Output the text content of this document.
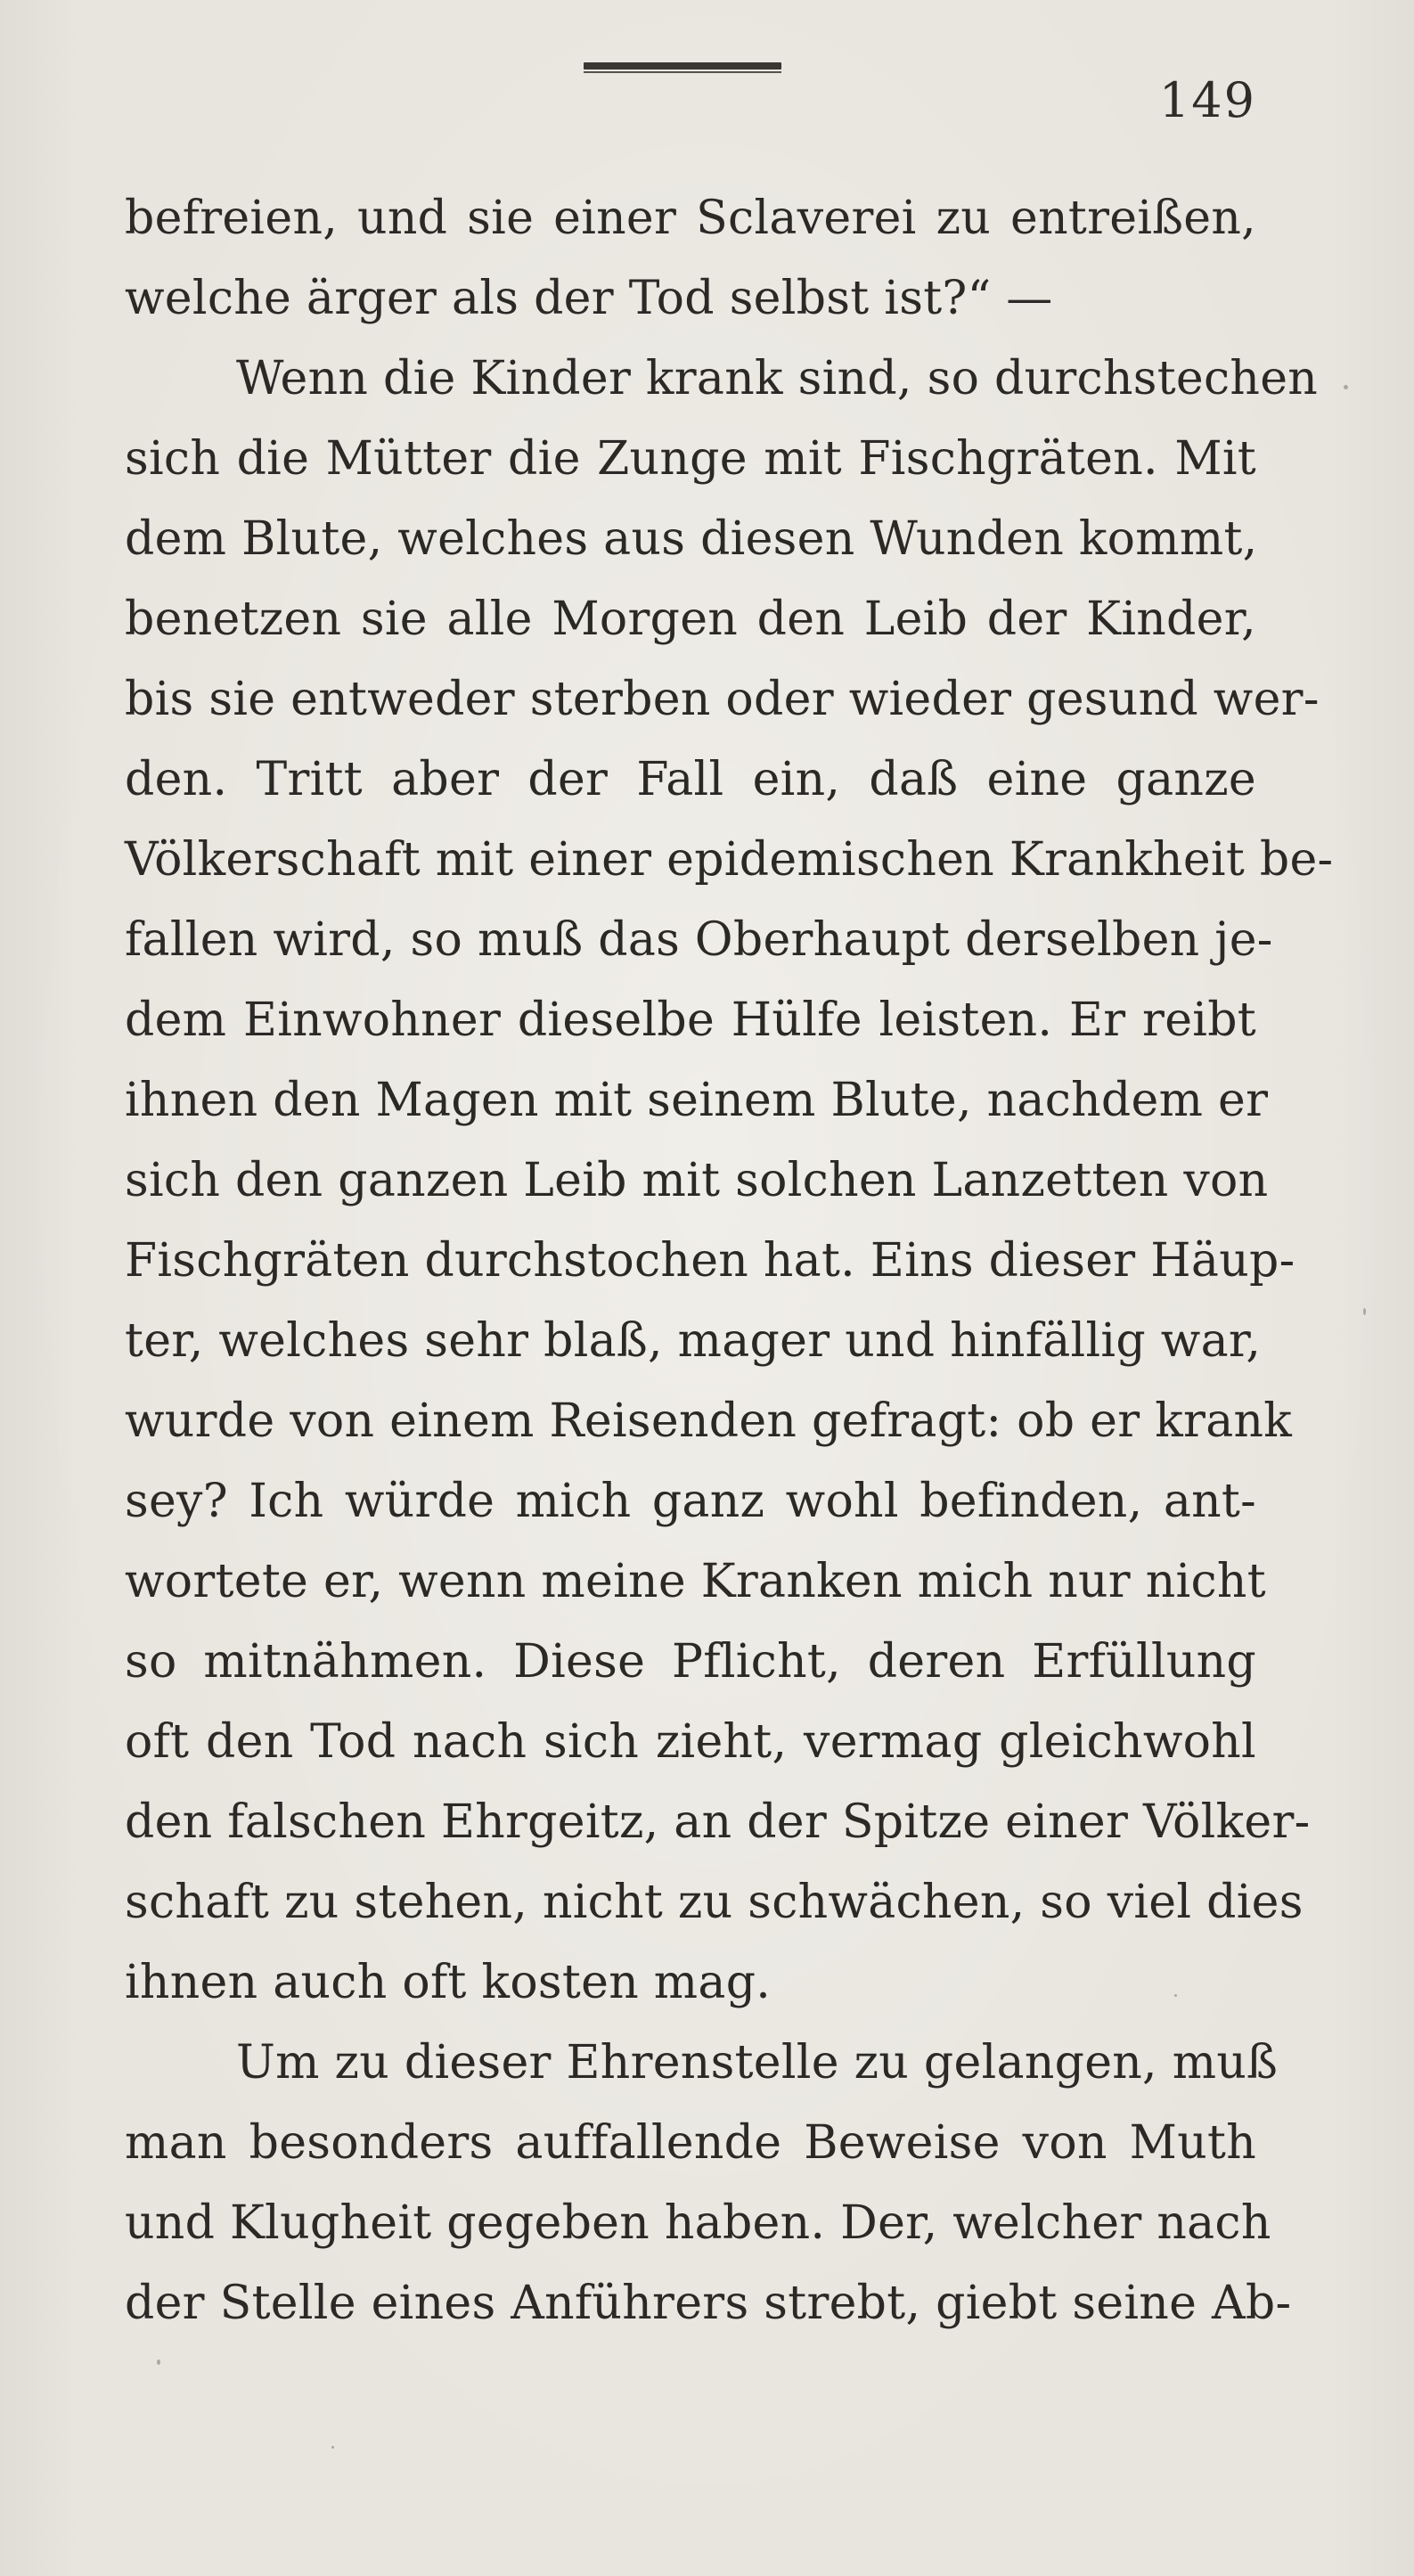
149
befreien, und sie einer Sclaverei zu entreißen,
welche ärger als der Tod selbst ist?“ —
Wenn die Kinder krank sind, so durchstechen
sich die Mütter die Zunge mit Fischgräten. Mit
dem Blute, welches aus diesen Wunden kommt,
benetzen sie alle Morgen den Leib der Kinder,
bis sie entweder sterben oder wieder gesund wer-
den. Tritt aber der Fall ein, daß eine ganze
Völkerschaft mit einer epidemischen Krankheit be-
fallen wird, so muß das Oberhaupt derselben je-
dem Einwohner dieselbe Hülfe leisten. Er reibt
ihnen den Magen mit seinem Blute, nachdem er
sich den ganzen Leib mit solchen Lanzetten von
Fischgräten durchstochen hat. Eins dieser Häup-
ter, welches sehr blaß, mager und hinfällig war,
wurde von einem Reisenden gefragt: ob er krank
sey? Ich würde mich ganz wohl befinden, ant-
wortete er, wenn meine Kranken mich nur nicht
so mitnähmen. Diese Pflicht, deren Erfüllung
oft den Tod nach sich zieht, vermag gleichwohl
den falschen Ehrgeitz, an der Spitze einer Völker-
schaft zu stehen, nicht zu schwächen, so viel dies
ihnen auch oft kosten mag.
Um zu dieser Ehrenstelle zu gelangen, muß
man besonders auffallende Beweise von Muth
und Klugheit gegeben haben. Der, welcher nach
der Stelle eines Anführers strebt, giebt seine Ab-
